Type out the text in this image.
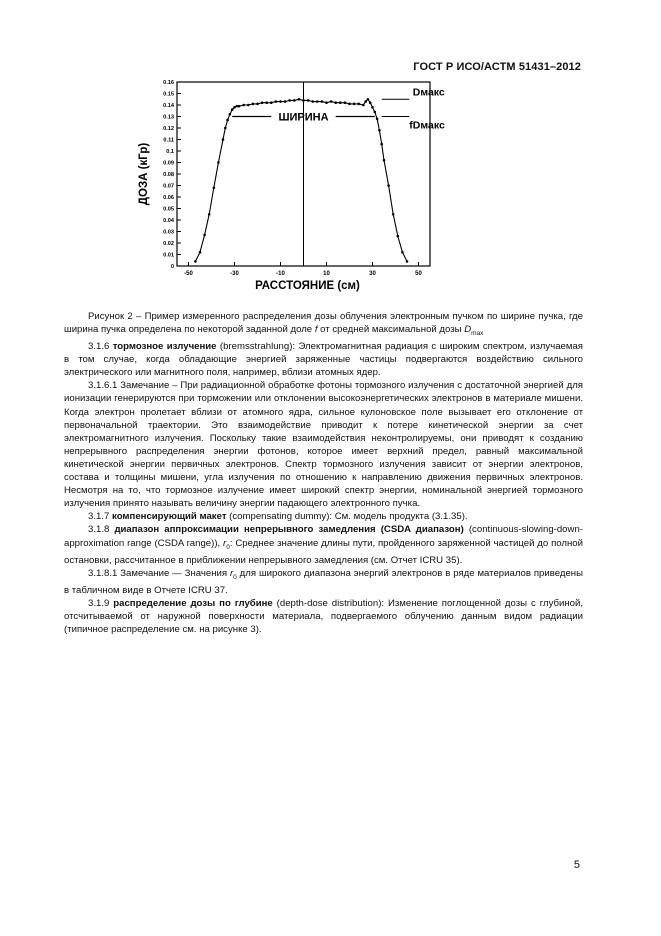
ГОСТ Р ИСО/АСТМ 51431–2012
0
0.01
0.02
0.03
0.04
0.05
0.06
0.07
0.08
0.09
0.1
0.11
0.12
0.13
0.14
0.15
0.16
-50	-30	-10	10	30	50
РАССТОЯНИЕ (см)
ДОЗА (кГр)
Dмакс
fDмакс
ШИРИНА

Рисунок 2 – Пример измеренного распределения дозы облучения электронным пучком по ширине пучка, где ширина пучка определена по некоторой заданной доле f от средней максимальной дозы $D_{max}$

3.1.6 тормозное излучение (bremsstrahlung): Электромагнитная радиация с широким спектром, излучаемая в том случае, когда обладающие энергией заряженные частицы подвергаются воздействию сильного электрического или магнитного поля, например, вблизи атомных ядер.

3.1.6.1 Замечание – При радиационной обработке фотоны тормозного излучения с достаточной энергией для ионизации генерируются при торможении или отклонении высокоэнергетических электронов в материале мишени. Когда электрон пролетает вблизи от атомного ядра, сильное кулоновское поле вызывает его отклонение от первоначальной траектории. Это взаимодействие приводит к потере кинетической энергии за счет электромагнитного излучения. Поскольку такие взаимодействия неконтролируемы, они приводят к созданию непрерывного распределения энергии фотонов, которое имеет верхний предел, равный максимальной кинетической энергии первичных электронов. Спектр тормозного излучения зависит от энергии электронов, состава и толщины мишени, угла излучения по отношению к направлению движения первичных электронов. Несмотря на то, что тормозное излучение имеет широкий спектр энергии, номинальной энергией тормозного излучения принято называть величину энергии падающего электронного пучка.

3.1.7 компенсирующий макет (compensating dummy): См. модель продукта (3.1.35).

3.1.8 диапазон аппроксимации непрерывного замедления (CSDA диапазон) (continuous-slowing-down-approximation range (CSDA range)), $r_0$: Среднее значение длины пути, пройденного заряженной частицей до полной остановки, рассчитанное в приближении непрерывного замедления (см. Отчет ICRU 35).

3.1.8.1 Замечание — Значения $r_0$ для широкого диапазона энергий электронов в ряде материалов приведены в табличном виде в Отчете ICRU 37.

3.1.9 распределение дозы по глубине (depth-dose distribution): Изменение поглощенной дозы с глубиной, отсчитываемой от наружной поверхности материала, подвергаемого облучению данным видом радиации (типичное распределение см. на рисунке 3).

5
